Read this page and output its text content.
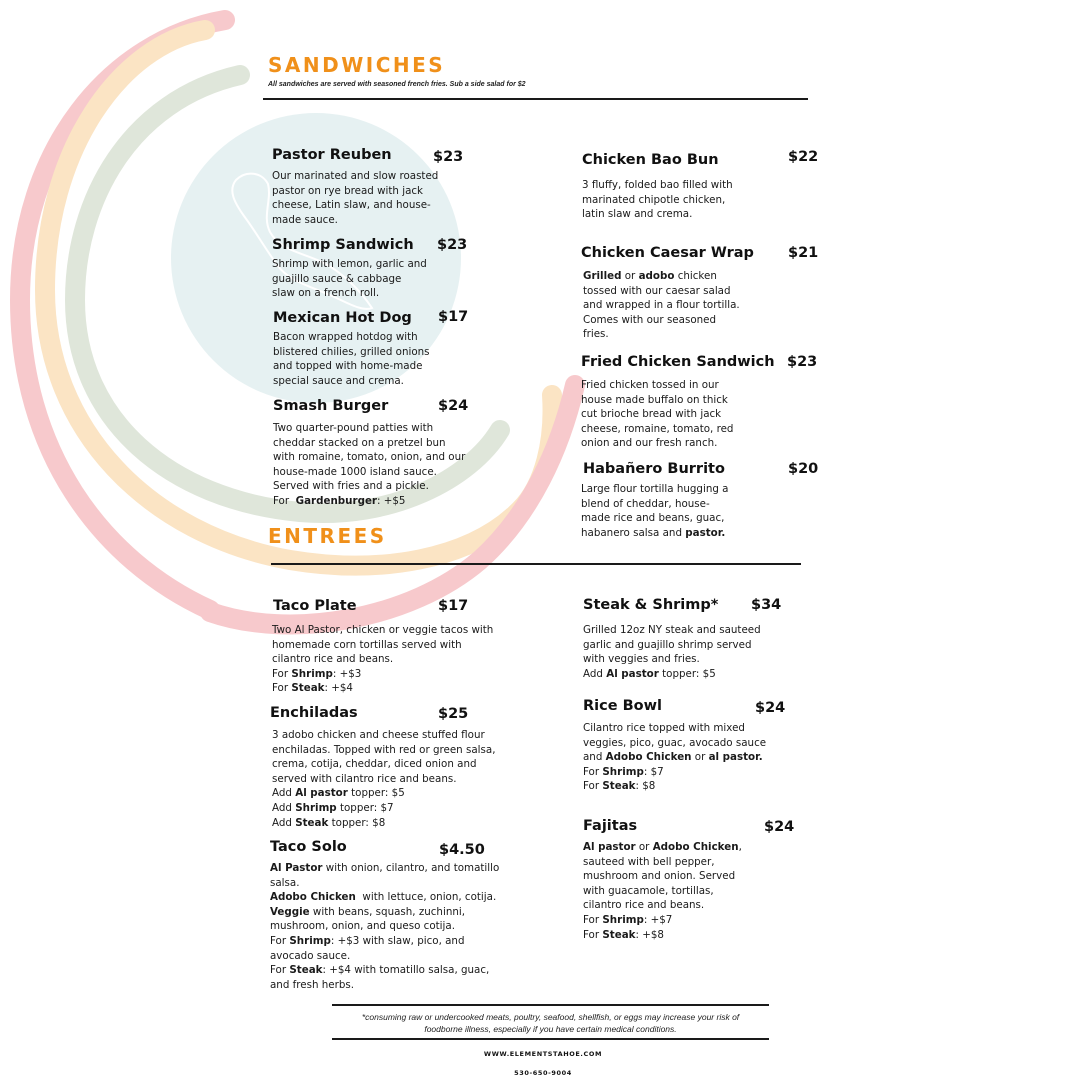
SANDWICHES
All sandwiches are served with seasoned french fries. Sub a side salad for $2
Pastor Reuben	$23
Our marinated and slow roasted
pastor on rye bread with jack
cheese, Latin slaw, and house-
made sauce.
Shrimp Sandwich $23
Shrimp with lemon, garlic and
guajillo sauce & cabbage
slaw on a french roll.
Mexican Hot Dog $17
Bacon wrapped hotdog with
blistered chilies, grilled onions
and topped with home-made
special sauce and crema.
Smash Burger	$24
Two quarter-pound patties with
cheddar stacked on a pretzel bun
with romaine, tomato, onion, and our
house-made 1000 island sauce.
Served with fries and a pickle.
For  Gardenburger: +$5
Chicken Bao Bun	$22
3 fluffy, folded bao filled with
marinated chipotle chicken,
latin slaw and crema.
Chicken Caesar Wrap $21
Grilled or adobo chicken
tossed with our caesar salad
and wrapped in a flour tortilla.
Comes with our seasoned
fries.
Fried Chicken Sandwich $23
Fried chicken tossed in our
house made buffalo on thick
cut brioche bread with jack
cheese, romaine, tomato, red
onion and our fresh ranch.
Habañero Burrito	$20
Large flour tortilla hugging a
blend of cheddar, house-
made rice and beans, guac,
habanero salsa and pastor.
ENTREES
Taco Plate	$17
Two Al Pastor, chicken or veggie tacos with
homemade corn tortillas served with
cilantro rice and beans.
For Shrimp: +$3
For Steak: +$4
Enchiladas	$25
3 adobo chicken and cheese stuffed flour
enchiladas. Topped with red or green salsa,
crema, cotija, cheddar, diced onion and
served with cilantro rice and beans.
Add Al pastor topper: $5
Add Shrimp topper: $7
Add Steak topper: $8
Taco Solo	$4.50
Al Pastor with onion, cilantro, and tomatillo
salsa.
Adobo Chicken  with lettuce, onion, cotija.
Veggie with beans, squash, zuchinni,
mushroom, onion, and queso cotija.
For Shrimp: +$3 with slaw, pico, and
avocado sauce.
For Steak: +$4 with tomatillo salsa, guac,
and fresh herbs.
Steak & Shrimp* $34
Grilled 12oz NY steak and sauteed
garlic and guajillo shrimp served
with veggies and fries.
Add Al pastor topper: $5
Rice Bowl	$24
Cilantro rice topped with mixed
veggies, pico, guac, avocado sauce
and Adobo Chicken or al pastor.
For Shrimp: $7
For Steak: $8
Fajitas	$24
Al pastor or Adobo Chicken,
sauteed with bell pepper,
mushroom and onion. Served
with guacamole, tortillas,
cilantro rice and beans.
For Shrimp: +$7
For Steak: +$8
*consuming raw or undercooked meats, poultry, seafood, shellfish, or eggs may increase your risk of
foodborne illness, especially if you have certain medical conditions.
WWW.ELEMENTSTAHOE.COM
530-650-9004
